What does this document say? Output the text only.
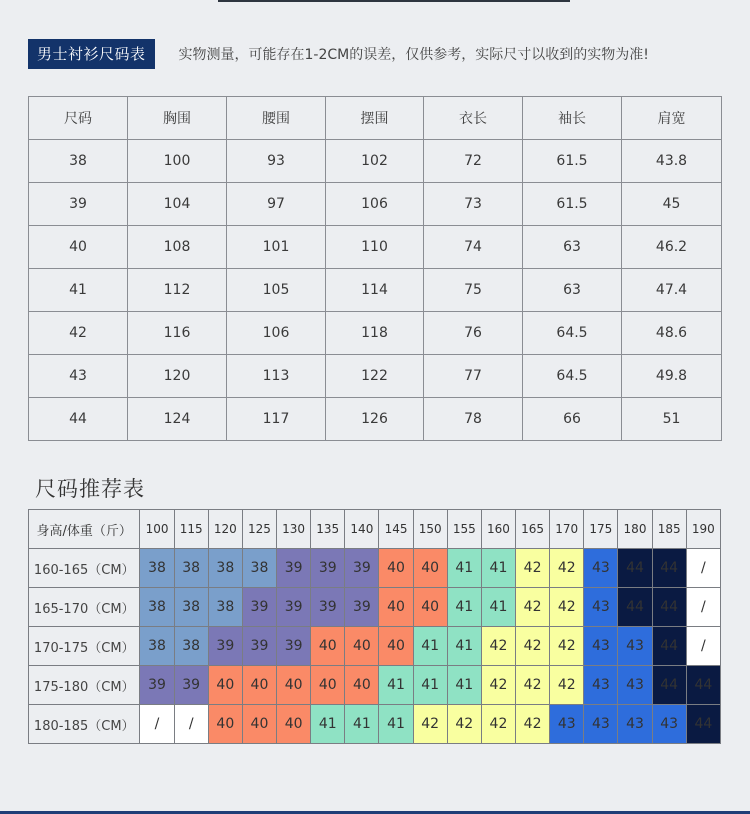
男士衬衫尺码表	实物测量，可能存在1-2CM的误差，仅供参考，实际尺寸以收到的实物为准!
尺码	胸围	腰围	摆围	衣长	袖长	肩宽
38	100	93	102	72	61.5	43.8
39	104	97	106	73	61.5	45
40	108	101	110	74	63	46.2
41	112	105	114	75	63	47.4
42	116	106	118	76	64.5	48.6
43	120	113	122	77	64.5	49.8
44	124	117	126	78	66	51
尺码推荐表
身高/体重（斤）	100	115	120	125	130	135	140	145	150	155	160	165	170	175	180	185	190
160-165（CM）	38	38	38	38	39	39	39	40	40	41	41	42	42	43	44	44	/
165-170（CM）	38	38	38	39	39	39	39	40	40	41	41	42	42	43	44	44	/
170-175（CM）	38	38	39	39	39	40	40	40	41	41	42	42	42	43	43	44	/
175-180（CM）	39	39	40	40	40	40	40	41	41	41	42	42	42	43	43	44	44
180-185（CM）	/	/	40	40	40	41	41	41	42	42	42	42	43	43	43	43	44
